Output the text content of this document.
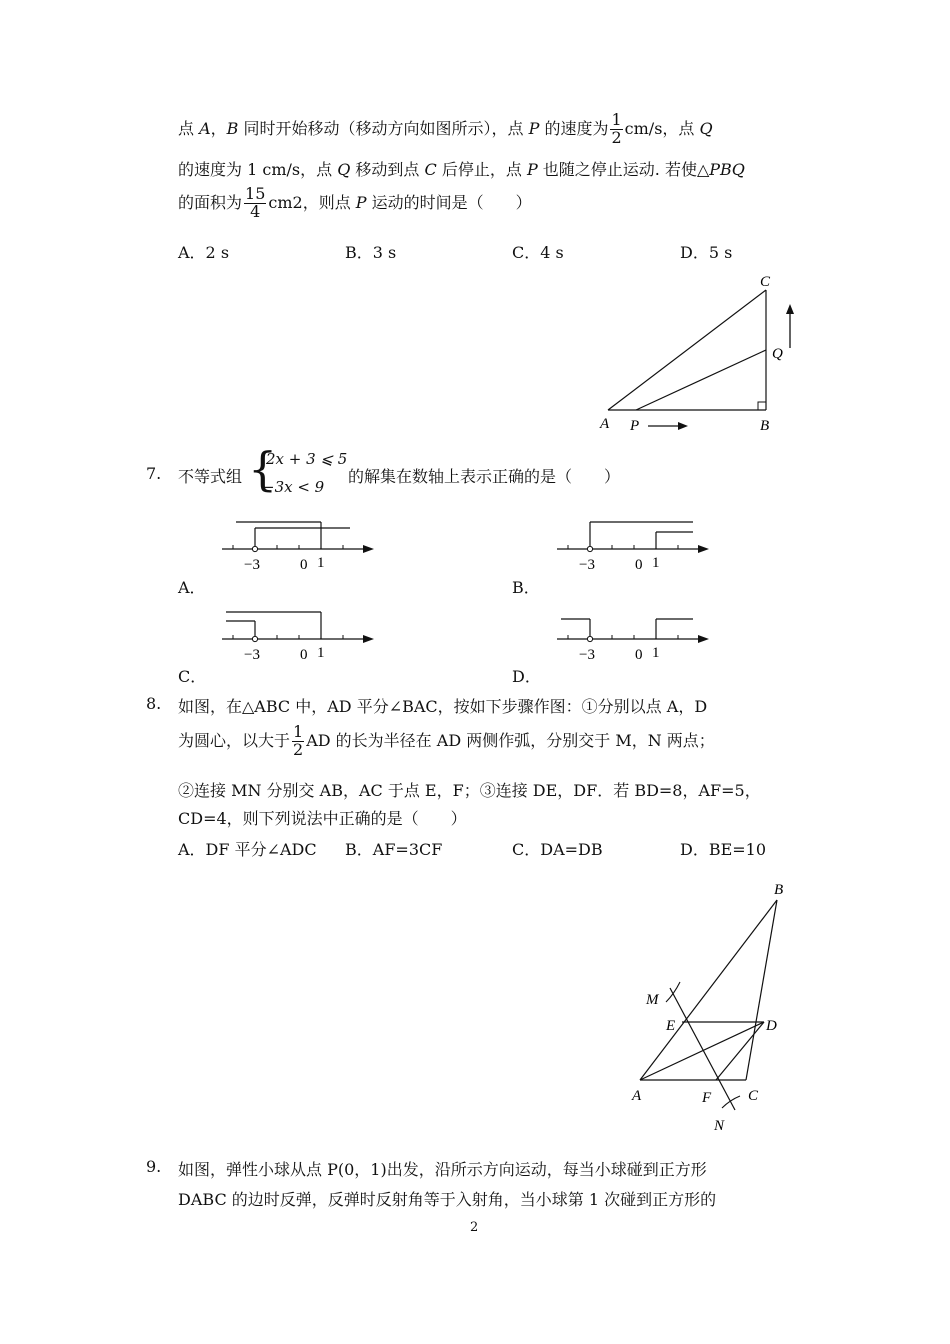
点 A，B 同时开始移动（移动方向如图所示），点 P 的速度为 $\frac{1}{2} cm/s$，点 Q
的速度为 1 cm/s，点 Q 移动到点 C 后停止，点 P 也随之停止运动. 若使△PBQ
的面积为 $\frac{15}{4} cm2$，则点 P 运动的时间是（　　）
A．2 s	B．3 s	C．4 s	D．5 s
A P	B
C
Q
7. 不等式组 {
2x + 3 ⩽ 5
−3x < 9
的解集在数轴上表示正确的是（　　）
−3	0 1
A．
−3	0 1
B．
−3	0 1
C．
−3	0 1
D．
8. 如图，在△ABC 中，AD 平分∠BAC，按如下步骤作图：①分别以点 A，D
为圆心，以大于 $\frac{1}{2}$ AD 的长为半径在 AD 两侧作弧，分别交于 M，N 两点；
②连接 MN 分别交 AB，AC 于点 E，F；③连接 DE，DF．若 BD=8，AF=5，
CD=4，则下列说法中正确的是（　　）
A．DF 平分∠ADC B．AF=3CF	C．DA=DB	D．BE=10
B
M
E	D
A	F C
N
9. 如图，弹性小球从点 P(0，1)出发，沿所示方向运动，每当小球碰到正方形
DABC 的边时反弹，反弹时反射角等于入射角，当小球第 1 次碰到正方形的
2
